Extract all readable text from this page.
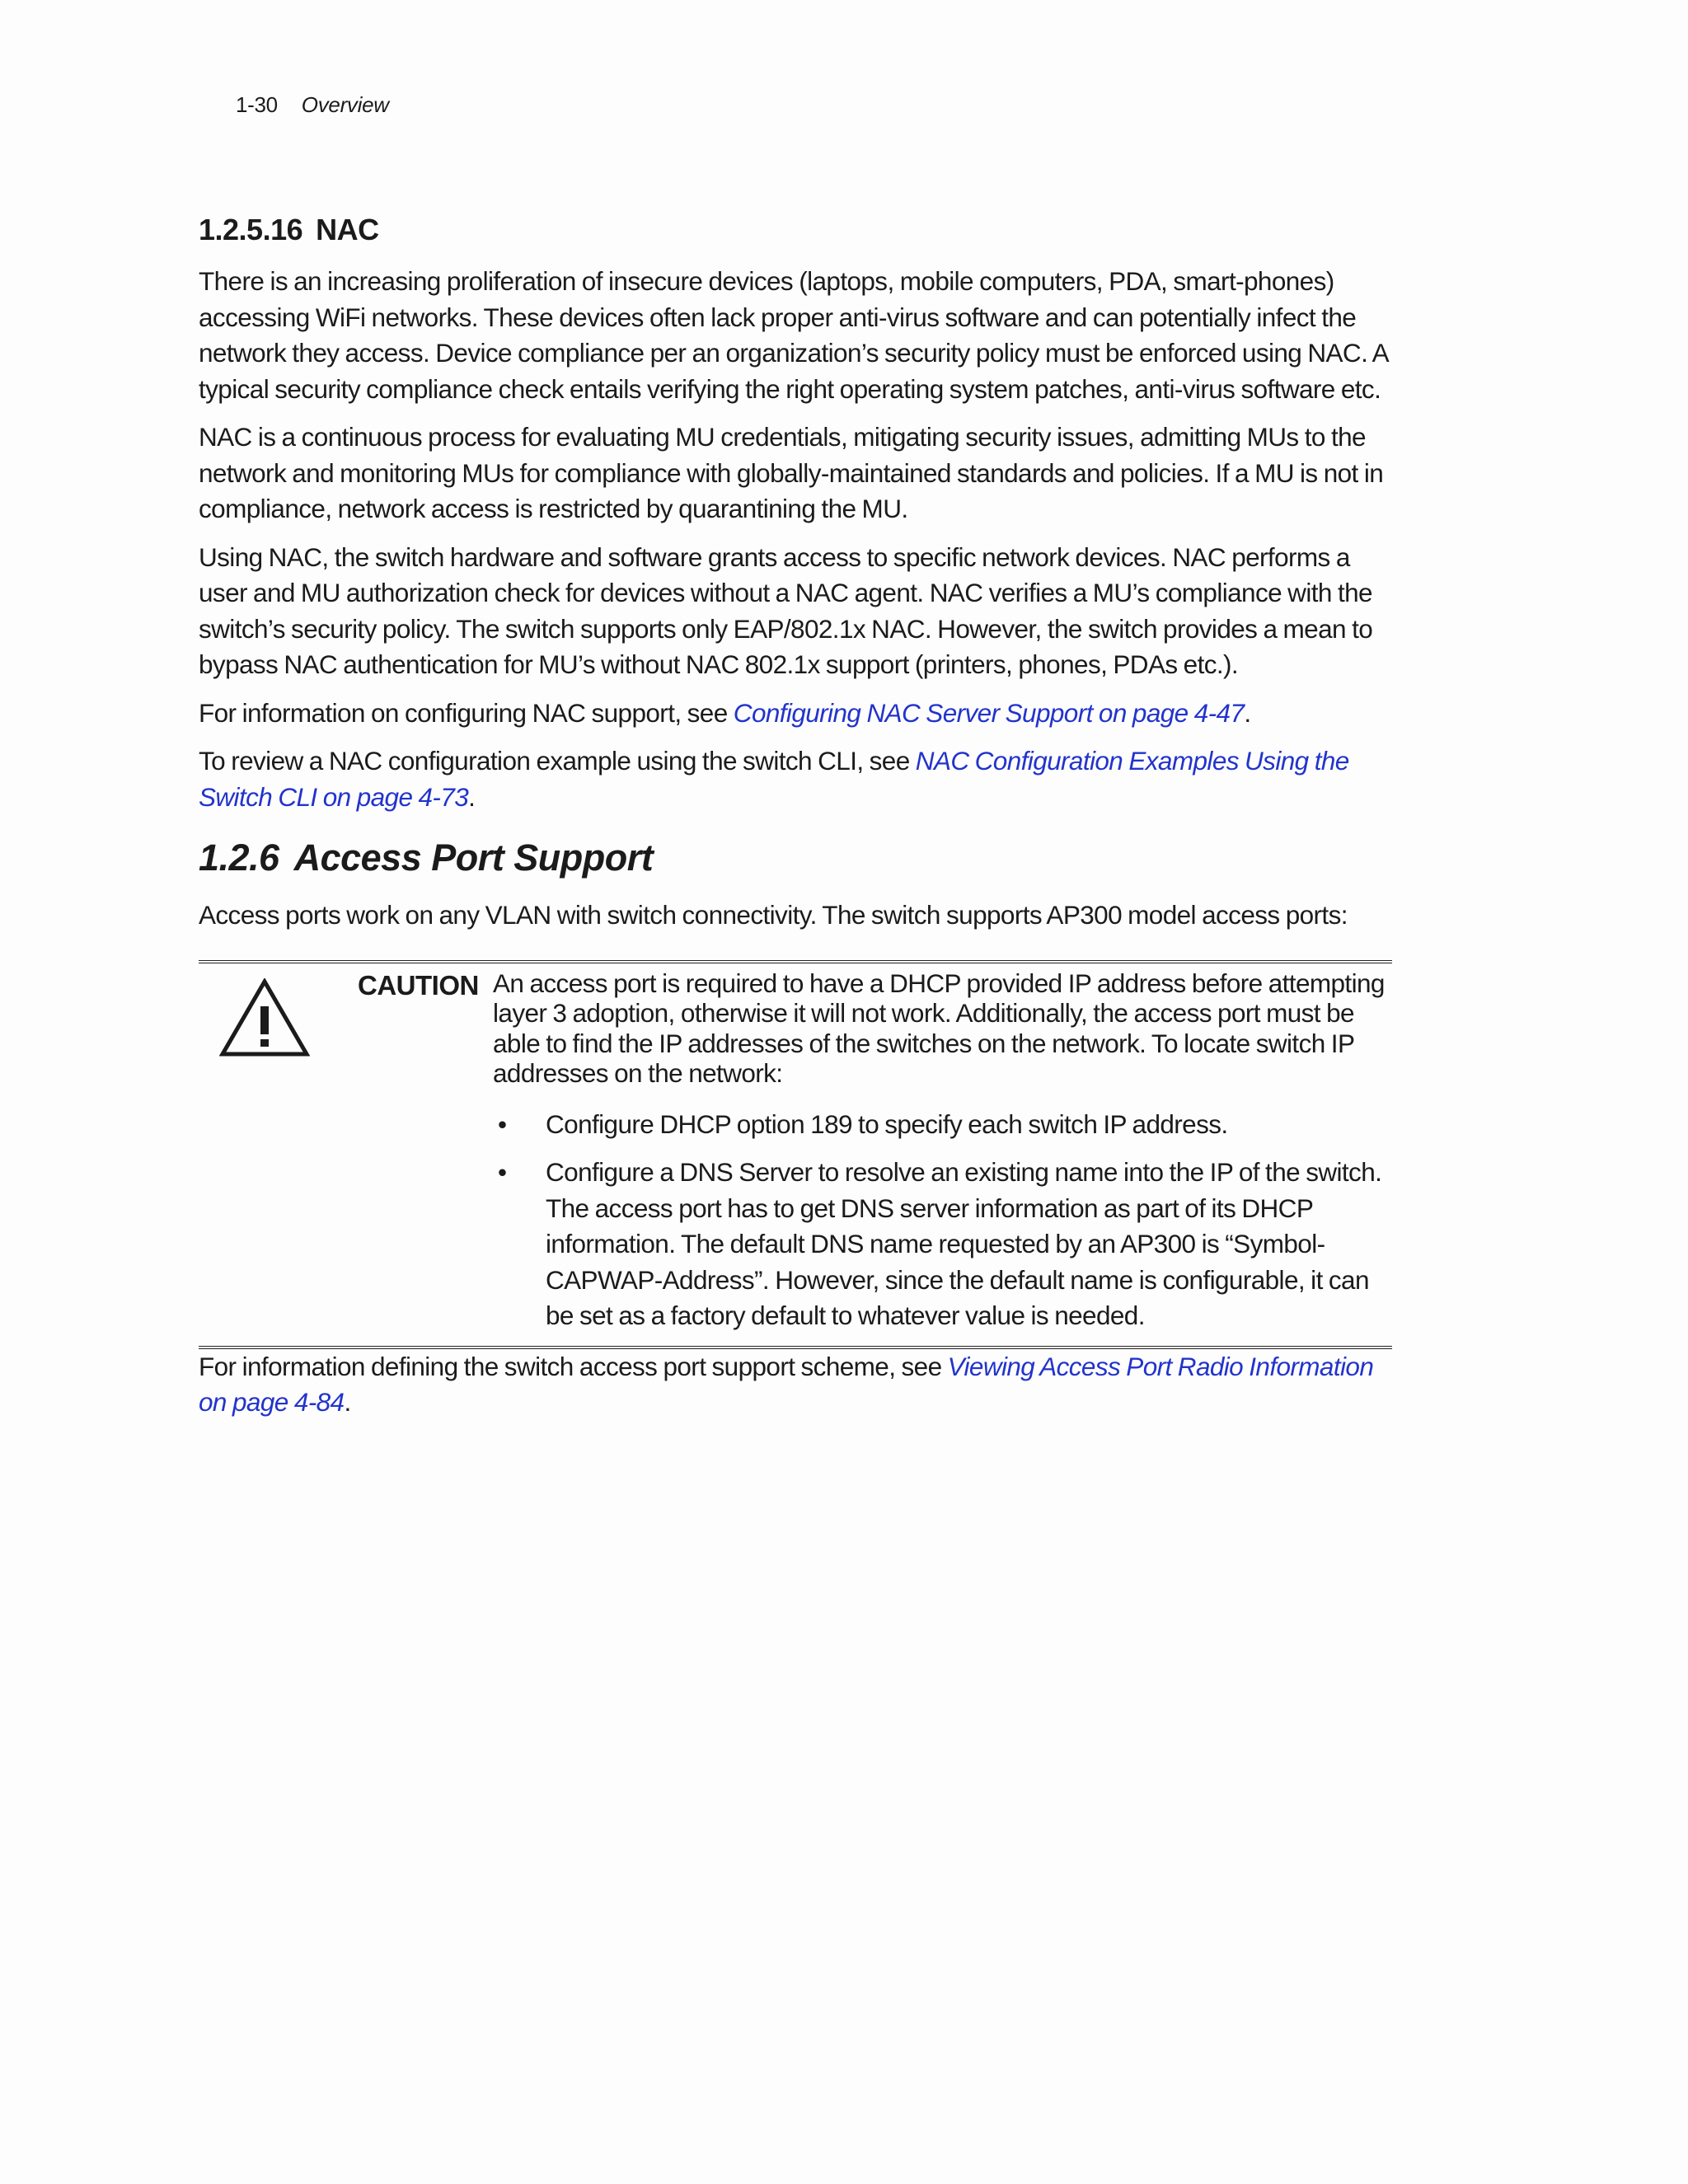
1-30 Overview
1.2.5.16 NAC

There is an increasing proliferation of insecure devices (laptops, mobile computers, PDA, smart-phones) accessing WiFi networks. These devices often lack proper anti-virus software and can potentially infect the network they access. Device compliance per an organization’s security policy must be enforced using NAC. A typical security compliance check entails verifying the right operating system patches, anti-virus software etc.

NAC is a continuous process for evaluating MU credentials, mitigating security issues, admitting MUs to the network and monitoring MUs for compliance with globally-maintained standards and policies. If a MU is not in compliance, network access is restricted by quarantining the MU.

Using NAC, the switch hardware and software grants access to specific network devices. NAC performs a user and MU authorization check for devices without a NAC agent. NAC verifies a MU’s compliance with the switch’s security policy. The switch supports only EAP/802.1x NAC. However, the switch provides a mean to bypass NAC authentication for MU’s without NAC 802.1x support (printers, phones, PDAs etc.).

For information on configuring NAC support, see Configuring NAC Server Support on page 4-47.

To review a NAC configuration example using the switch CLI, see NAC Configuration Examples Using the Switch CLI on page 4-73.

1.2.6 Access Port Support

Access ports work on any VLAN with switch connectivity. The switch supports AP300 model access ports:

CAUTION An access port is required to have a DHCP provided IP address before attempting layer 3 adoption, otherwise it will not work. Additionally, the access port must be able to find the IP addresses of the switches on the network. To locate switch IP addresses on the network:

• Configure DHCP option 189 to specify each switch IP address.
• Configure a DNS Server to resolve an existing name into the IP of the switch. The access port has to get DNS server information as part of its DHCP information. The default DNS name requested by an AP300 is “Symbol-CAPWAP-Address”. However, since the default name is configurable, it can be set as a factory default to whatever value is needed.

For information defining the switch access port support scheme, see Viewing Access Port Radio Information on page 4-84.
